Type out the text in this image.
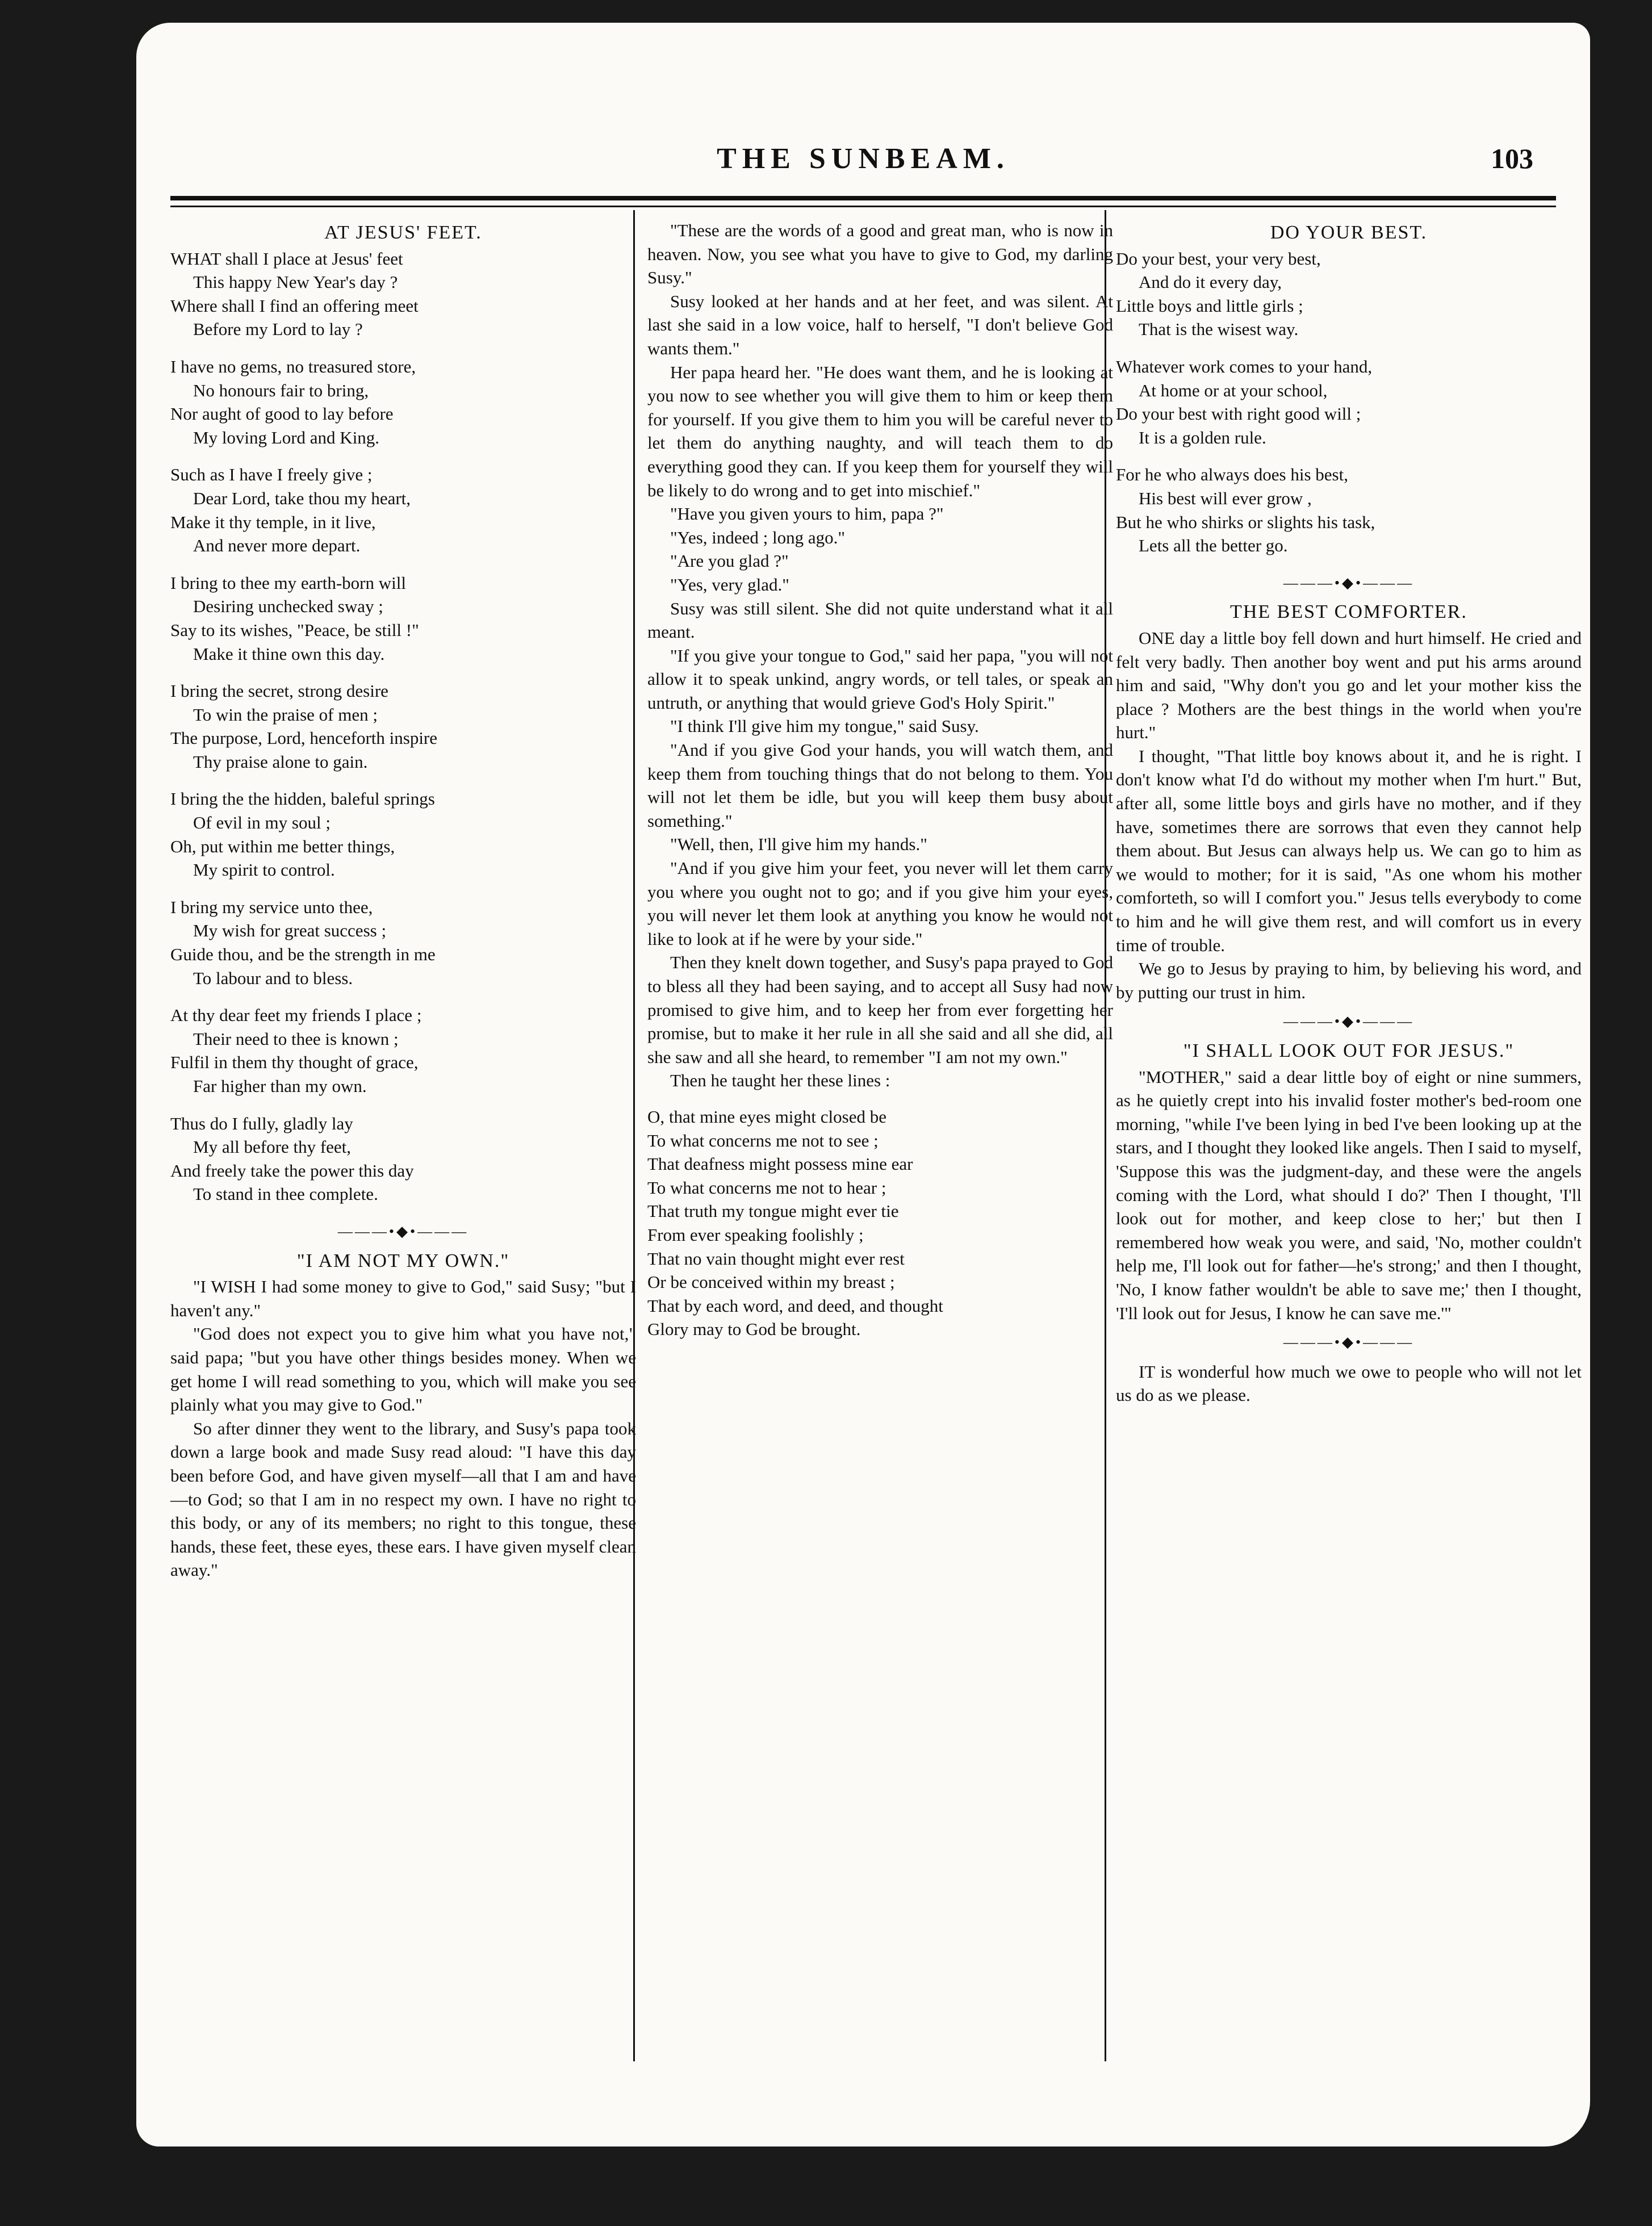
THE SUNBEAM.	103
AT JESUS' FEET.
WHAT shall I place at Jesus' feet
This happy New Year's day ?
Where shall I find an offering meet
Before my Lord to lay ?
I have no gems, no treasured store,
No honours fair to bring,
Nor aught of good to lay before
My loving Lord and King.
Such as I have I freely give ;
Dear Lord, take thou my heart,
Make it thy temple, in it live,
And never more depart.
I bring to thee my earth-born will
Desiring unchecked sway ;
Say to its wishes, "Peace, be still !"
Make it thine own this day.
I bring the secret, strong desire
To win the praise of men ;
The purpose, Lord, henceforth inspire
Thy praise alone to gain.
I bring the the hidden, baleful springs
Of evil in my soul ;
Oh, put within me better things,
My spirit to control.
I bring my service unto thee,
My wish for great success ;
Guide thou, and be the strength in me
To labour and to bless.
At thy dear feet my friends I place ;
Their need to thee is known ;
Fulfil in them thy thought of grace,
Far higher than my own.
Thus do I fully, gladly lay
My all before thy feet,
And freely take the power this day
To stand in thee complete.
———•◆•———
"I AM NOT MY OWN."

"I WISH I had some money to give to God," said Susy; "but I haven't any."

"God does not expect you to give him what you have not," said papa; "but you have other things besides money. When we get home I will read something to you, which will make you see plainly what you may give to God."

So after dinner they went to the library, and Susy's papa took down a large book and made Susy read aloud: "I have this day been before God, and have given myself—all that I am and have—to God; so that I am in no respect my own. I have no right to this body, or any of its members; no right to this tongue, these hands, these feet, these eyes, these ears. I have given myself clean away."

"These are the words of a good and great man, who is now in heaven. Now, you see what you have to give to God, my darling Susy."

Susy looked at her hands and at her feet, and was silent. At last she said in a low voice, half to herself, "I don't believe God wants them."

Her papa heard her. "He does want them, and he is looking at you now to see whether you will give them to him or keep them for yourself. If you give them to him you will be careful never to let them do anything naughty, and will teach them to do everything good they can. If you keep them for yourself they will be likely to do wrong and to get into mischief."

"Have you given yours to him, papa ?"

"Yes, indeed ; long ago."

"Are you glad ?"

"Yes, very glad."

Susy was still silent. She did not quite understand what it all meant.

"If you give your tongue to God," said her papa, "you will not allow it to speak unkind, angry words, or tell tales, or speak an untruth, or anything that would grieve God's Holy Spirit."

"I think I'll give him my tongue," said Susy.

"And if you give God your hands, you will watch them, and keep them from touching things that do not belong to them. You will not let them be idle, but you will keep them busy about something."

"Well, then, I'll give him my hands."

"And if you give him your feet, you never will let them carry you where you ought not to go; and if you give him your eyes, you will never let them look at anything you know he would not like to look at if he were by your side."

Then they knelt down together, and Susy's papa prayed to God to bless all they had been saying, and to accept all Susy had now promised to give him, and to keep her from ever forgetting her promise, but to make it her rule in all she said and all she did, all she saw and all she heard, to remember "I am not my own."

Then he taught her these lines :

O, that mine eyes might closed be
To what concerns me not to see ;
That deafness might possess mine ear
To what concerns me not to hear ;
That truth my tongue might ever tie
From ever speaking foolishly ;
That no vain thought might ever rest
Or be conceived within my breast ;
That by each word, and deed, and thought
Glory may to God be brought.
DO YOUR BEST.
Do your best, your very best,
And do it every day,
Little boys and little girls ;
That is the wisest way.
Whatever work comes to your hand,
At home or at your school,
Do your best with right good will ;
It is a golden rule.
For he who always does his best,
His best will ever grow ,
But he who shirks or slights his task,
Lets all the better go.
———•◆•———
THE BEST COMFORTER.

ONE day a little boy fell down and hurt himself. He cried and felt very badly. Then another boy went and put his arms around him and said, "Why don't you go and let your mother kiss the place ? Mothers are the best things in the world when you're hurt."

I thought, "That little boy knows about it, and he is right. I don't know what I'd do without my mother when I'm hurt." But, after all, some little boys and girls have no mother, and if they have, sometimes there are sorrows that even they cannot help them about. But Jesus can always help us. We can go to him as we would to mother; for it is said, "As one whom his mother comforteth, so will I comfort you." Jesus tells everybody to come to him and he will give them rest, and will comfort us in every time of trouble.

We go to Jesus by praying to him, by believing his word, and by putting our trust in him.

———•◆•———
"I SHALL LOOK OUT FOR JESUS."

"MOTHER," said a dear little boy of eight or nine summers, as he quietly crept into his invalid foster mother's bed-room one morning, "while I've been lying in bed I've been looking up at the stars, and I thought they looked like angels. Then I said to myself, 'Suppose this was the judgment-day, and these were the angels coming with the Lord, what should I do?' Then I thought, 'I'll look out for mother, and keep close to her;' but then I remembered how weak you were, and said, 'No, mother couldn't help me, I'll look out for father—he's strong;' and then I thought, 'No, I know father wouldn't be able to save me;' then I thought, 'I'll look out for Jesus, I know he can save me.'"

———•◆•———

IT is wonderful how much we owe to people who will not let us do as we please.
